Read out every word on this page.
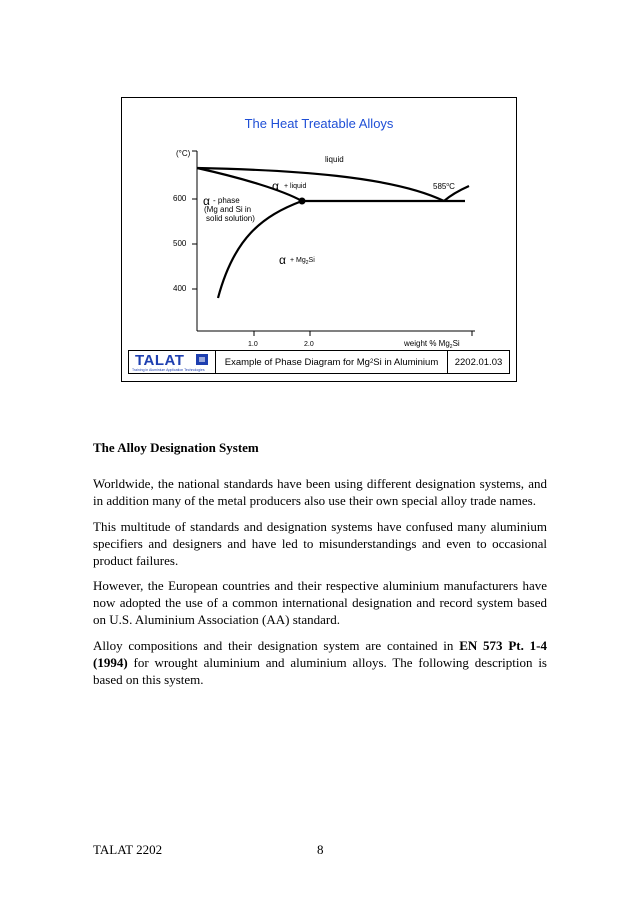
The Heat Treatable Alloys
(°C)
600
500
400
1.0	2.0	weight % $Mg_2Si$
liquid
α + liquid	585$^o$C
α - phase
(Mg and Si in
solid solution)
$\alpha + Mg_2Si$
TALAT
Training in Aluminium Application Technologies
Example of Phase Diagram for Mg 2 Si in Aluminium	2202.01.03
The Alloy Designation System

Worldwide, the national standards have been using different designation systems, and in addition many of the metal producers also use their own special alloy trade names.

This multitude of standards and designation systems have confused many aluminium specifiers and designers and have led to misunderstandings and even to occasional product failures.

However, the European countries and their respective aluminium manufacturers have now adopted the use of a common international designation and record system based on U.S. Aluminium Association (AA) standard.

Alloy compositions and their designation system are contained in EN 573 Pt. 1-4 (1994) for wrought aluminium and aluminium alloys. The following description is based on this system.

TALAT 2202	8
